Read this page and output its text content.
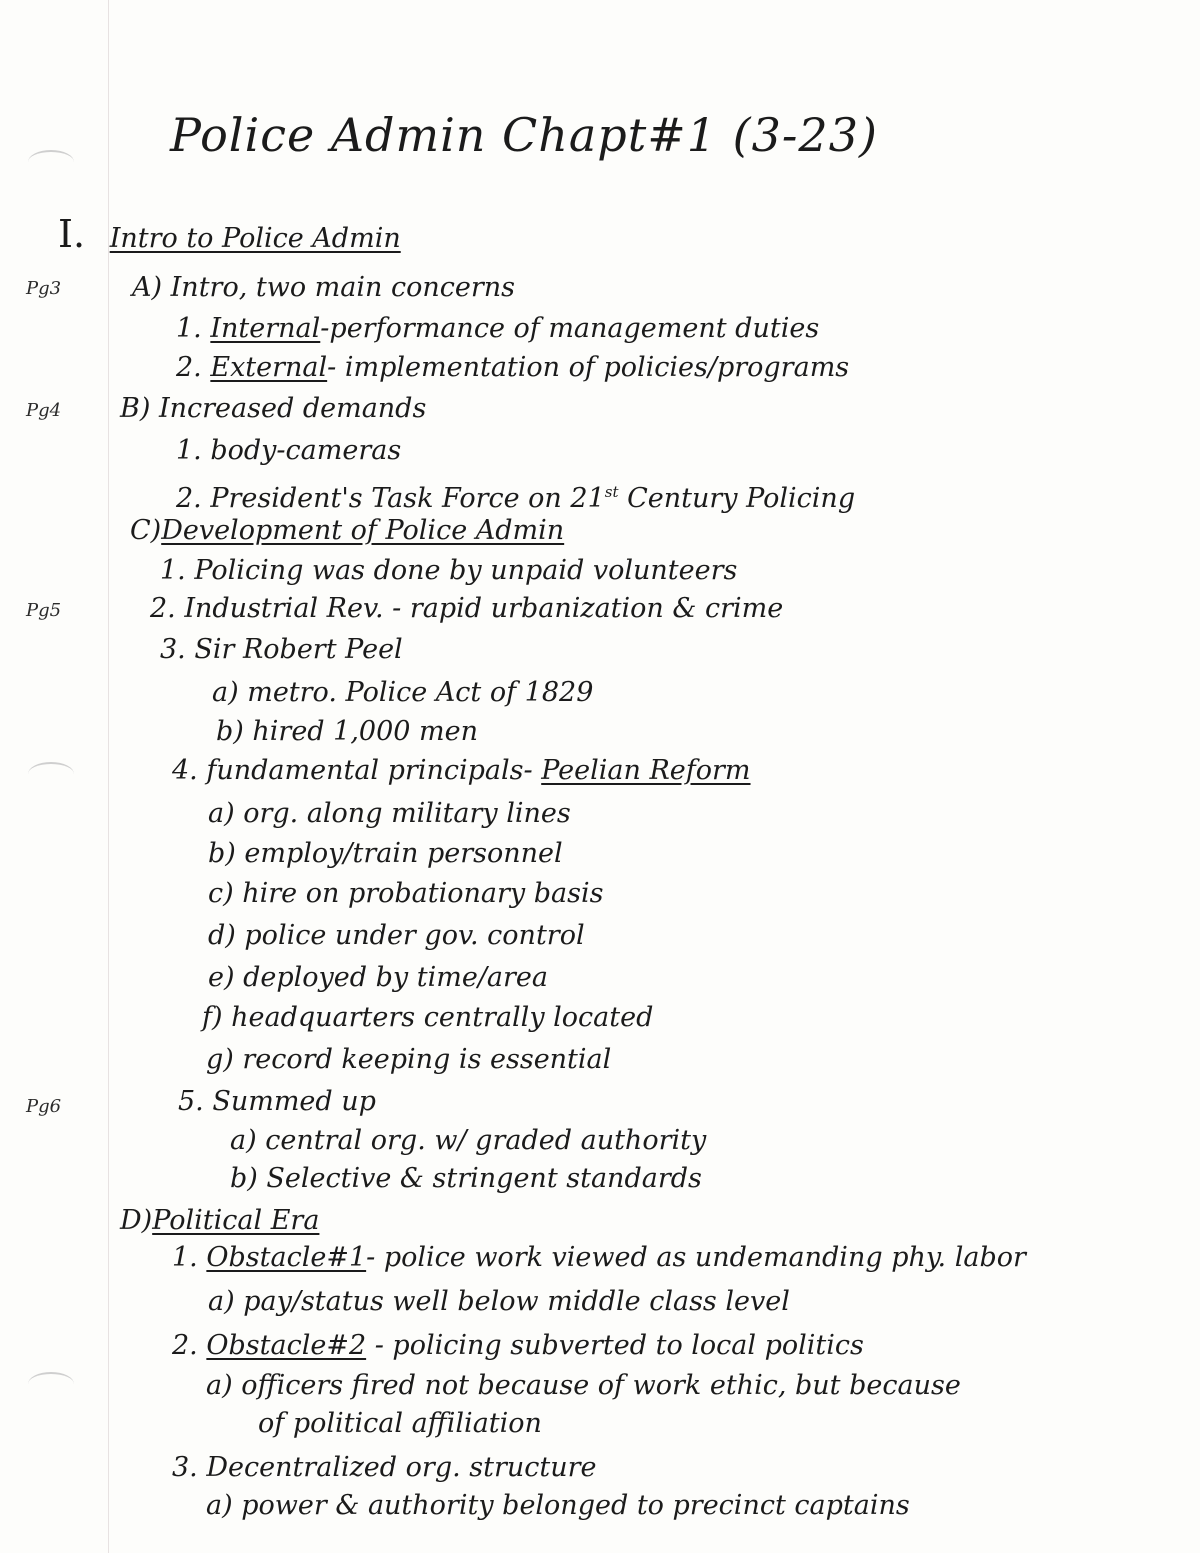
Police Admin Chapt#1 (3-23)
Pg3
Pg4
Pg5
Pg6
I. Intro to Police Admin
A) Intro, two main concerns
1. Internal-performance of management duties
2. External- implementation of policies/programs
B) Increased demands
1. body-cameras
2. President's Task Force on 21st Century Policing
C)Development of Police Admin
1. Policing was done by unpaid volunteers
2. Industrial Rev. - rapid urbanization & crime
3. Sir Robert Peel
a) metro. Police Act of 1829
b) hired 1,000 men
4. fundamental principals- Peelian Reform
a) org. along military lines
b) employ/train personnel
c) hire on probationary basis
d) police under gov. control
e) deployed by time/area
f) headquarters centrally located
g) record keeping is essential
5. Summed up
a) central org. w/ graded authority
b) Selective & stringent standards
D)Political Era
1. Obstacle#1- police work viewed as undemanding phy. labor
a) pay/status well below middle class level
2. Obstacle#2 - policing subverted to local politics
a) officers fired not because of work ethic, but because
of political affiliation
3. Decentralized org. structure
a) power & authority belonged to precinct captains
